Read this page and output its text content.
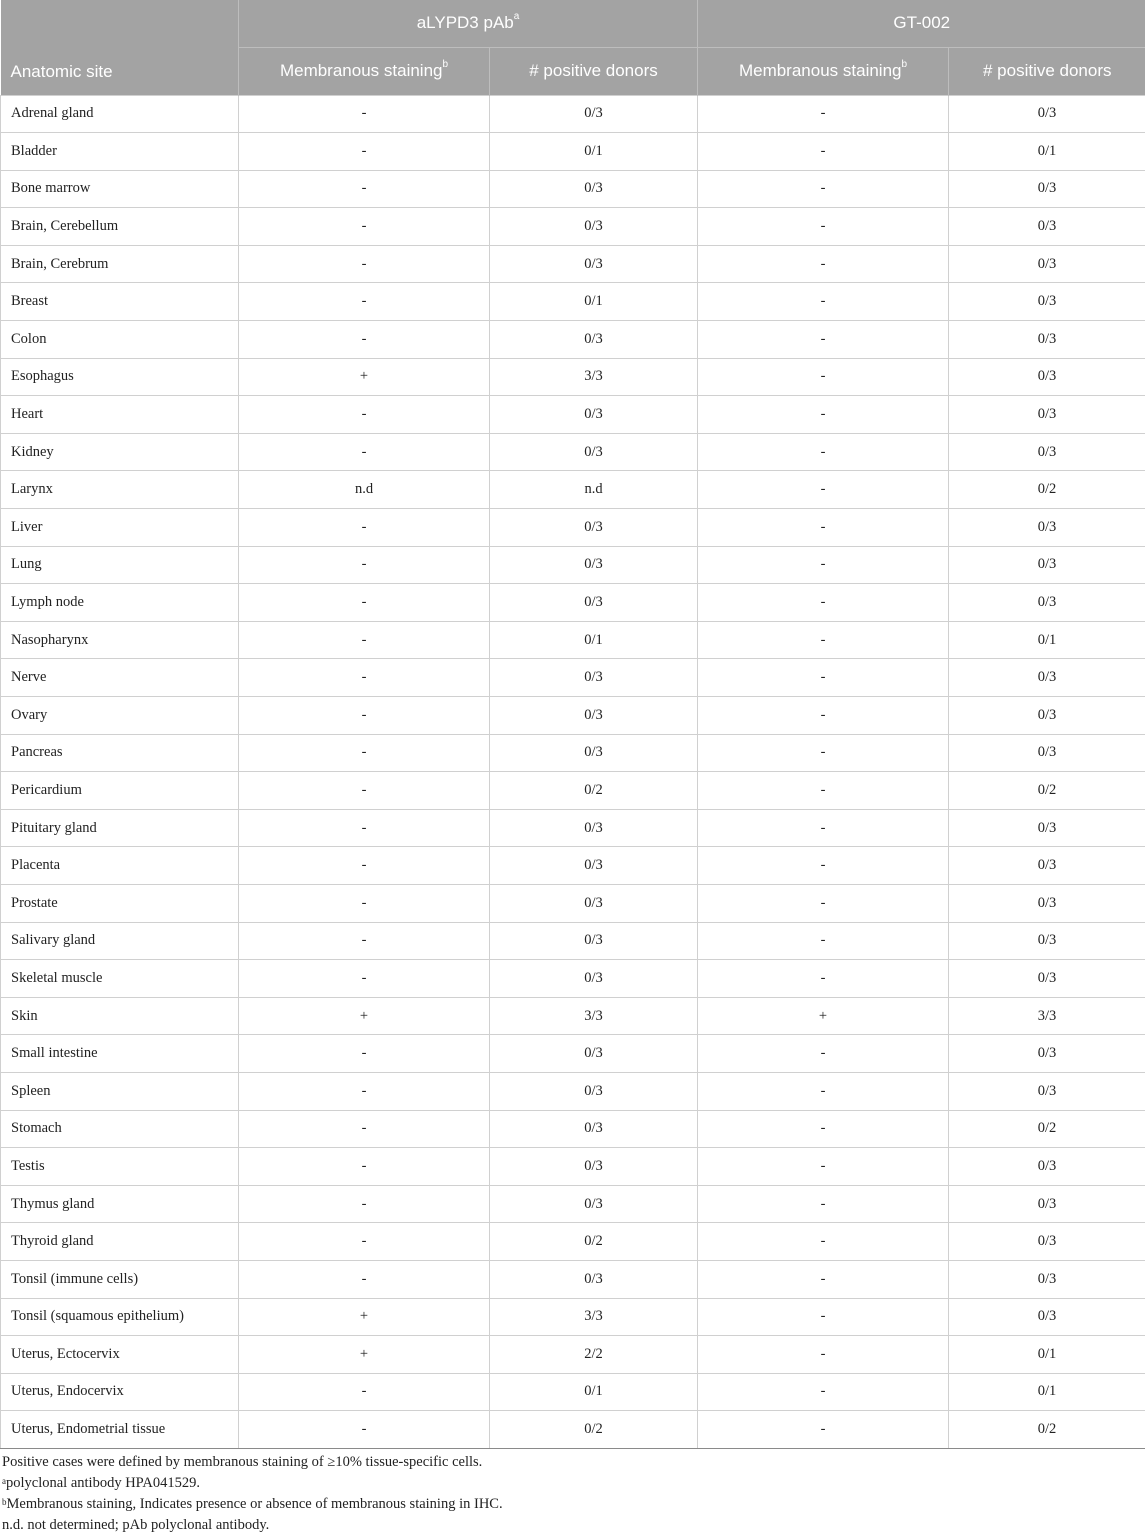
Anatomic site	aLYPD3 pAb$^a$		GT-002	
	Membranous staining$^b$	# positive donors	Membranous staining$^b$	# positive donors
Adrenal gland	-	0/3	-	0/3
Bladder	-	0/1	-	0/1
Bone marrow	-	0/3	-	0/3
Brain, Cerebellum	-	0/3	-	0/3
Brain, Cerebrum	-	0/3	-	0/3
Breast	-	0/1	-	0/3
Colon	-	0/3	-	0/3
Esophagus	+	3/3	-	0/3
Heart	-	0/3	-	0/3
Kidney	-	0/3	-	0/3
Larynx	n.d	n.d	-	0/2
Liver	-	0/3	-	0/3
Lung	-	0/3	-	0/3
Lymph node	-	0/3	-	0/3
Nasopharynx	-	0/1	-	0/1
Nerve	-	0/3	-	0/3
Ovary	-	0/3	-	0/3
Pancreas	-	0/3	-	0/3
Pericardium	-	0/2	-	0/2
Pituitary gland	-	0/3	-	0/3
Placenta	-	0/3	-	0/3
Prostate	-	0/3	-	0/3
Salivary gland	-	0/3	-	0/3
Skeletal muscle	-	0/3	-	0/3
Skin	+	3/3	+	3/3
Small intestine	-	0/3	-	0/3
Spleen	-	0/3	-	0/3
Stomach	-	0/3	-	0/2
Testis	-	0/3	-	0/3
Thymus gland	-	0/3	-	0/3
Thyroid gland	-	0/2	-	0/3
Tonsil (immune cells)	-	0/3	-	0/3
Tonsil (squamous epithelium)	+	3/3	-	0/3
Uterus, Ectocervix	+	2/2	-	0/1
Uterus, Endocervix	-	0/1	-	0/1
Uterus, Endometrial tissue	-	0/2	-	0/2
Positive cases were defined by membranous staining of ≥10% tissue-specific cells.
$^a$polyclonal antibody HPA041529.
$^b$Membranous staining, Indicates presence or absence of membranous staining in IHC.
n.d. not determined; pAb polyclonal antibody.
